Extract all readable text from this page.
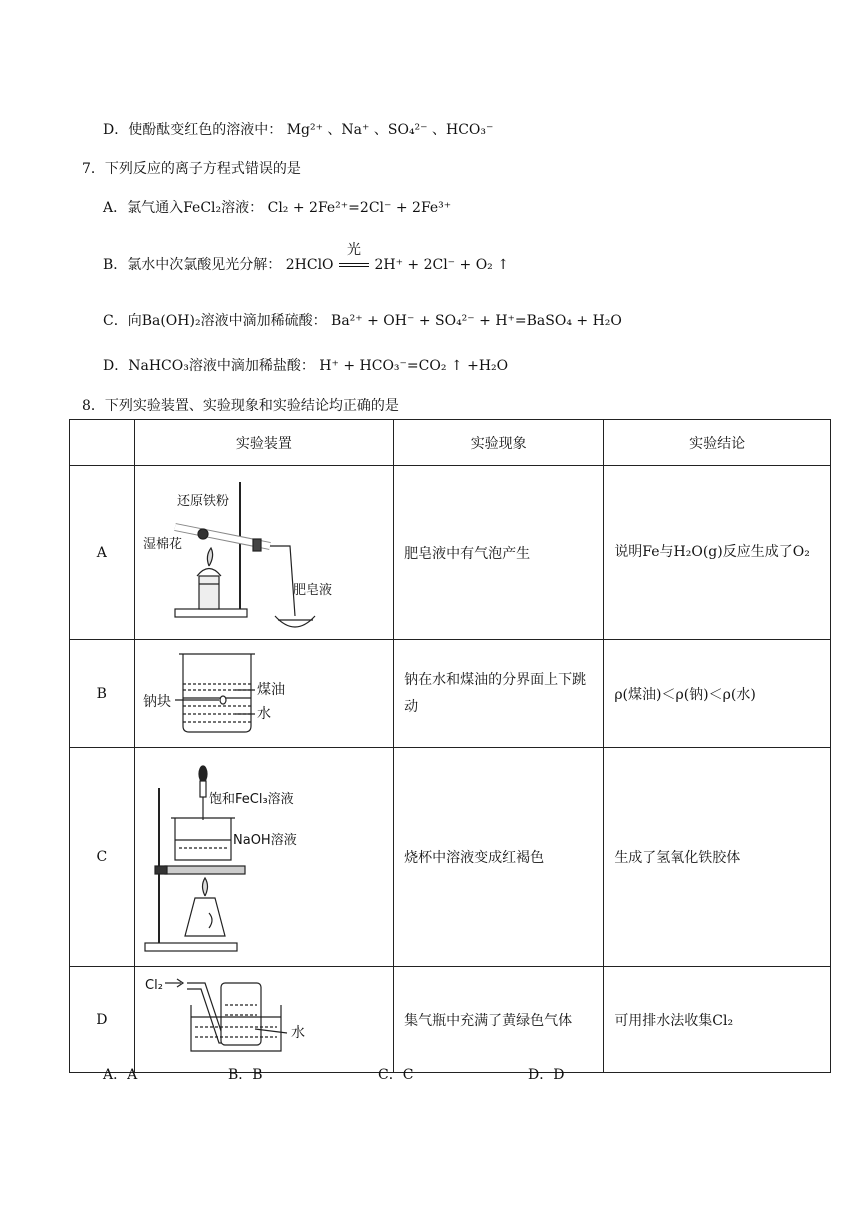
D．使酚酞变红色的溶液中： Mg²⁺ 、Na⁺ 、SO₄²⁻ 、HCO₃⁻
7．下列反应的离子方程式错误的是
A．氯气通入FeCl₂溶液： Cl₂ + 2Fe²⁺=2Cl⁻ + 2Fe³⁺
B．氯水中次氯酸见光分解： 2HClO
光
2H⁺ + 2Cl⁻ + O₂ ↑
C．向Ba(OH)₂溶液中滴加稀硫酸： Ba²⁺ + OH⁻ + SO₄²⁻ + H⁺=BaSO₄ + H₂O
D．NaHCO₃溶液中滴加稀盐酸： H⁺ + HCO₃⁻=CO₂ ↑ +H₂O
8．下列实验装置、实验现象和实验结论均正确的是
	实验装置	实验现象	实验结论
A	还原铁粉
湿棉花
肥皂液	肥皂液中有气泡产生	说明Fe与H₂O(g)反应生成了O₂
B	煤油
钠块
水	钠在水和煤油的分界面上下跳动	ρ(煤油)＜ρ(钠)＜ρ(水)
C	饱和FeCl₃溶液
NaOH溶液	烧杯中溶液变成红褐色	生成了氢氧化铁胶体
D	Cl₂
水	集气瓶中充满了黄绿色气体	可用排水法收集Cl₂
A．A	B．B	C．C	D．D
